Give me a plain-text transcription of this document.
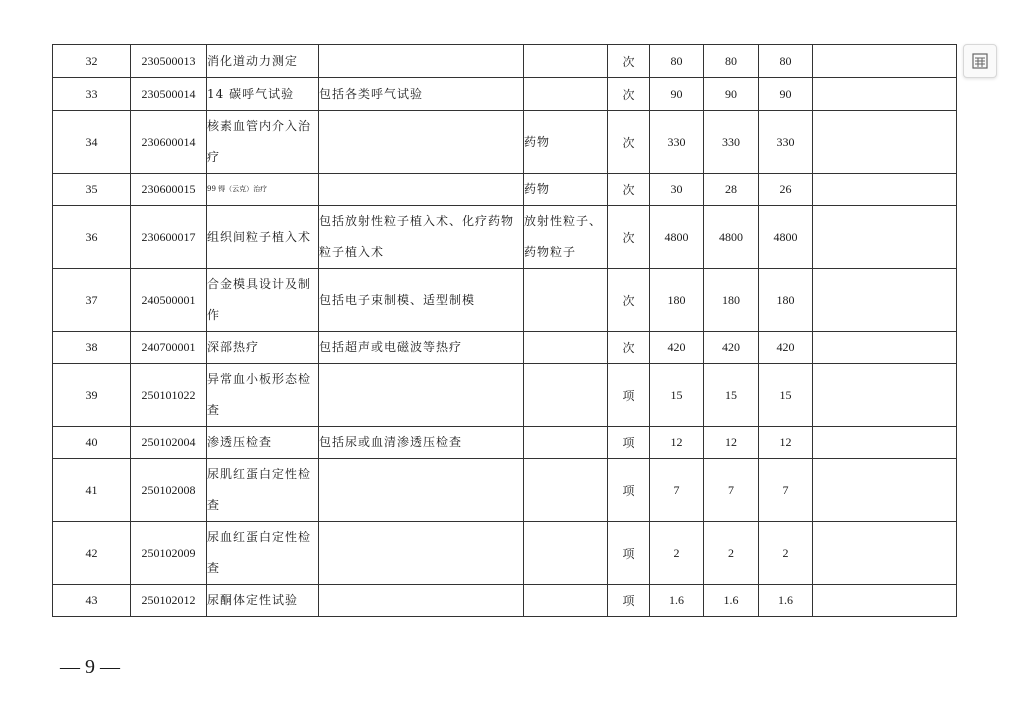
32	230500013	消化道动力测定			次	80	80	80	
33	230500014	14 碳呼气试验	包括各类呼气试验		次	90	90	90	
34	230600014	核素血管内介入治疗		药物	次	330	330	330	
35	230600015	99 锝（云克）治疗		药物	次	30	28	26	
36	230600017	组织间粒子植入术	包括放射性粒子植入术、化疗药物粒子植入术	放射性粒子、药物粒子	次	4800	4800	4800	
37	240500001	合金模具设计及制作	包括电子束制模、适型制模		次	180	180	180	
38	240700001	深部热疗	包括超声或电磁波等热疗		次	420	420	420	
39	250101022	异常血小板形态检查			项	15	15	15	
40	250102004	渗透压检查	包括尿或血清渗透压检查		项	12	12	12	
41	250102008	尿肌红蛋白定性检查			项	7	7	7	
42	250102009	尿血红蛋白定性检查			项	2	2	2	
43	250102012	尿酮体定性试验			项	1.6	1.6	1.6	
— 9 —
